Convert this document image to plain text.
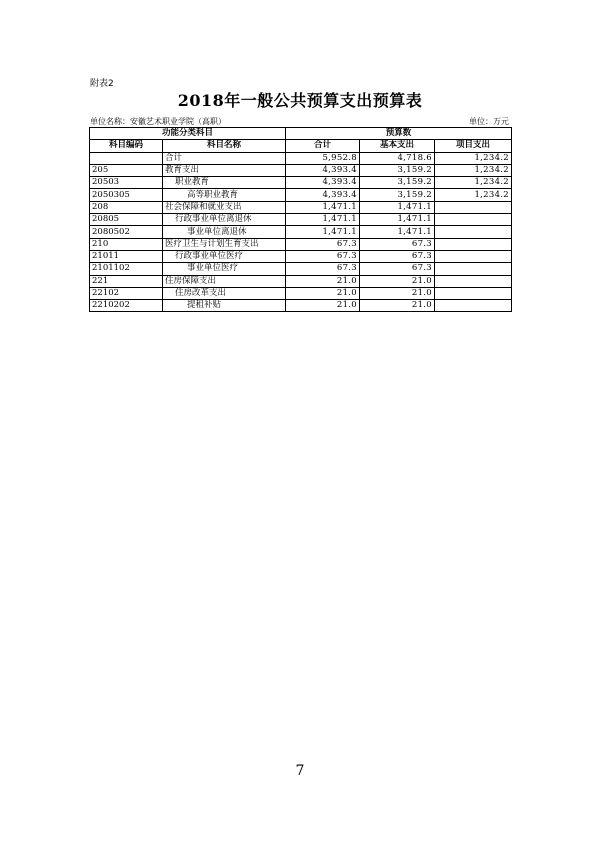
附表2
2018年一般公共预算支出预算表
单位名称：安徽艺术职业学院（高职）	单位：万元
功能分类科目		预算数		
科目编码	科目名称	合计	基本支出	项目支出
	合计	5,952.8	4,718.6	1,234.2
205	教育支出	4,393.4	3,159.2	1,234.2
20503	职业教育	4,393.4	3,159.2	1,234.2
2050305	高等职业教育	4,393.4	3,159.2	1,234.2
208	社会保障和就业支出	1,471.1	1,471.1	
20805	行政事业单位离退休	1,471.1	1,471.1	
2080502	事业单位离退休	1,471.1	1,471.1	
210	医疗卫生与计划生育支出	67.3	67.3	
21011	行政事业单位医疗	67.3	67.3	
2101102	事业单位医疗	67.3	67.3	
221	住房保障支出	21.0	21.0	
22102	住房改革支出	21.0	21.0	
2210202	提租补贴	21.0	21.0	
7
